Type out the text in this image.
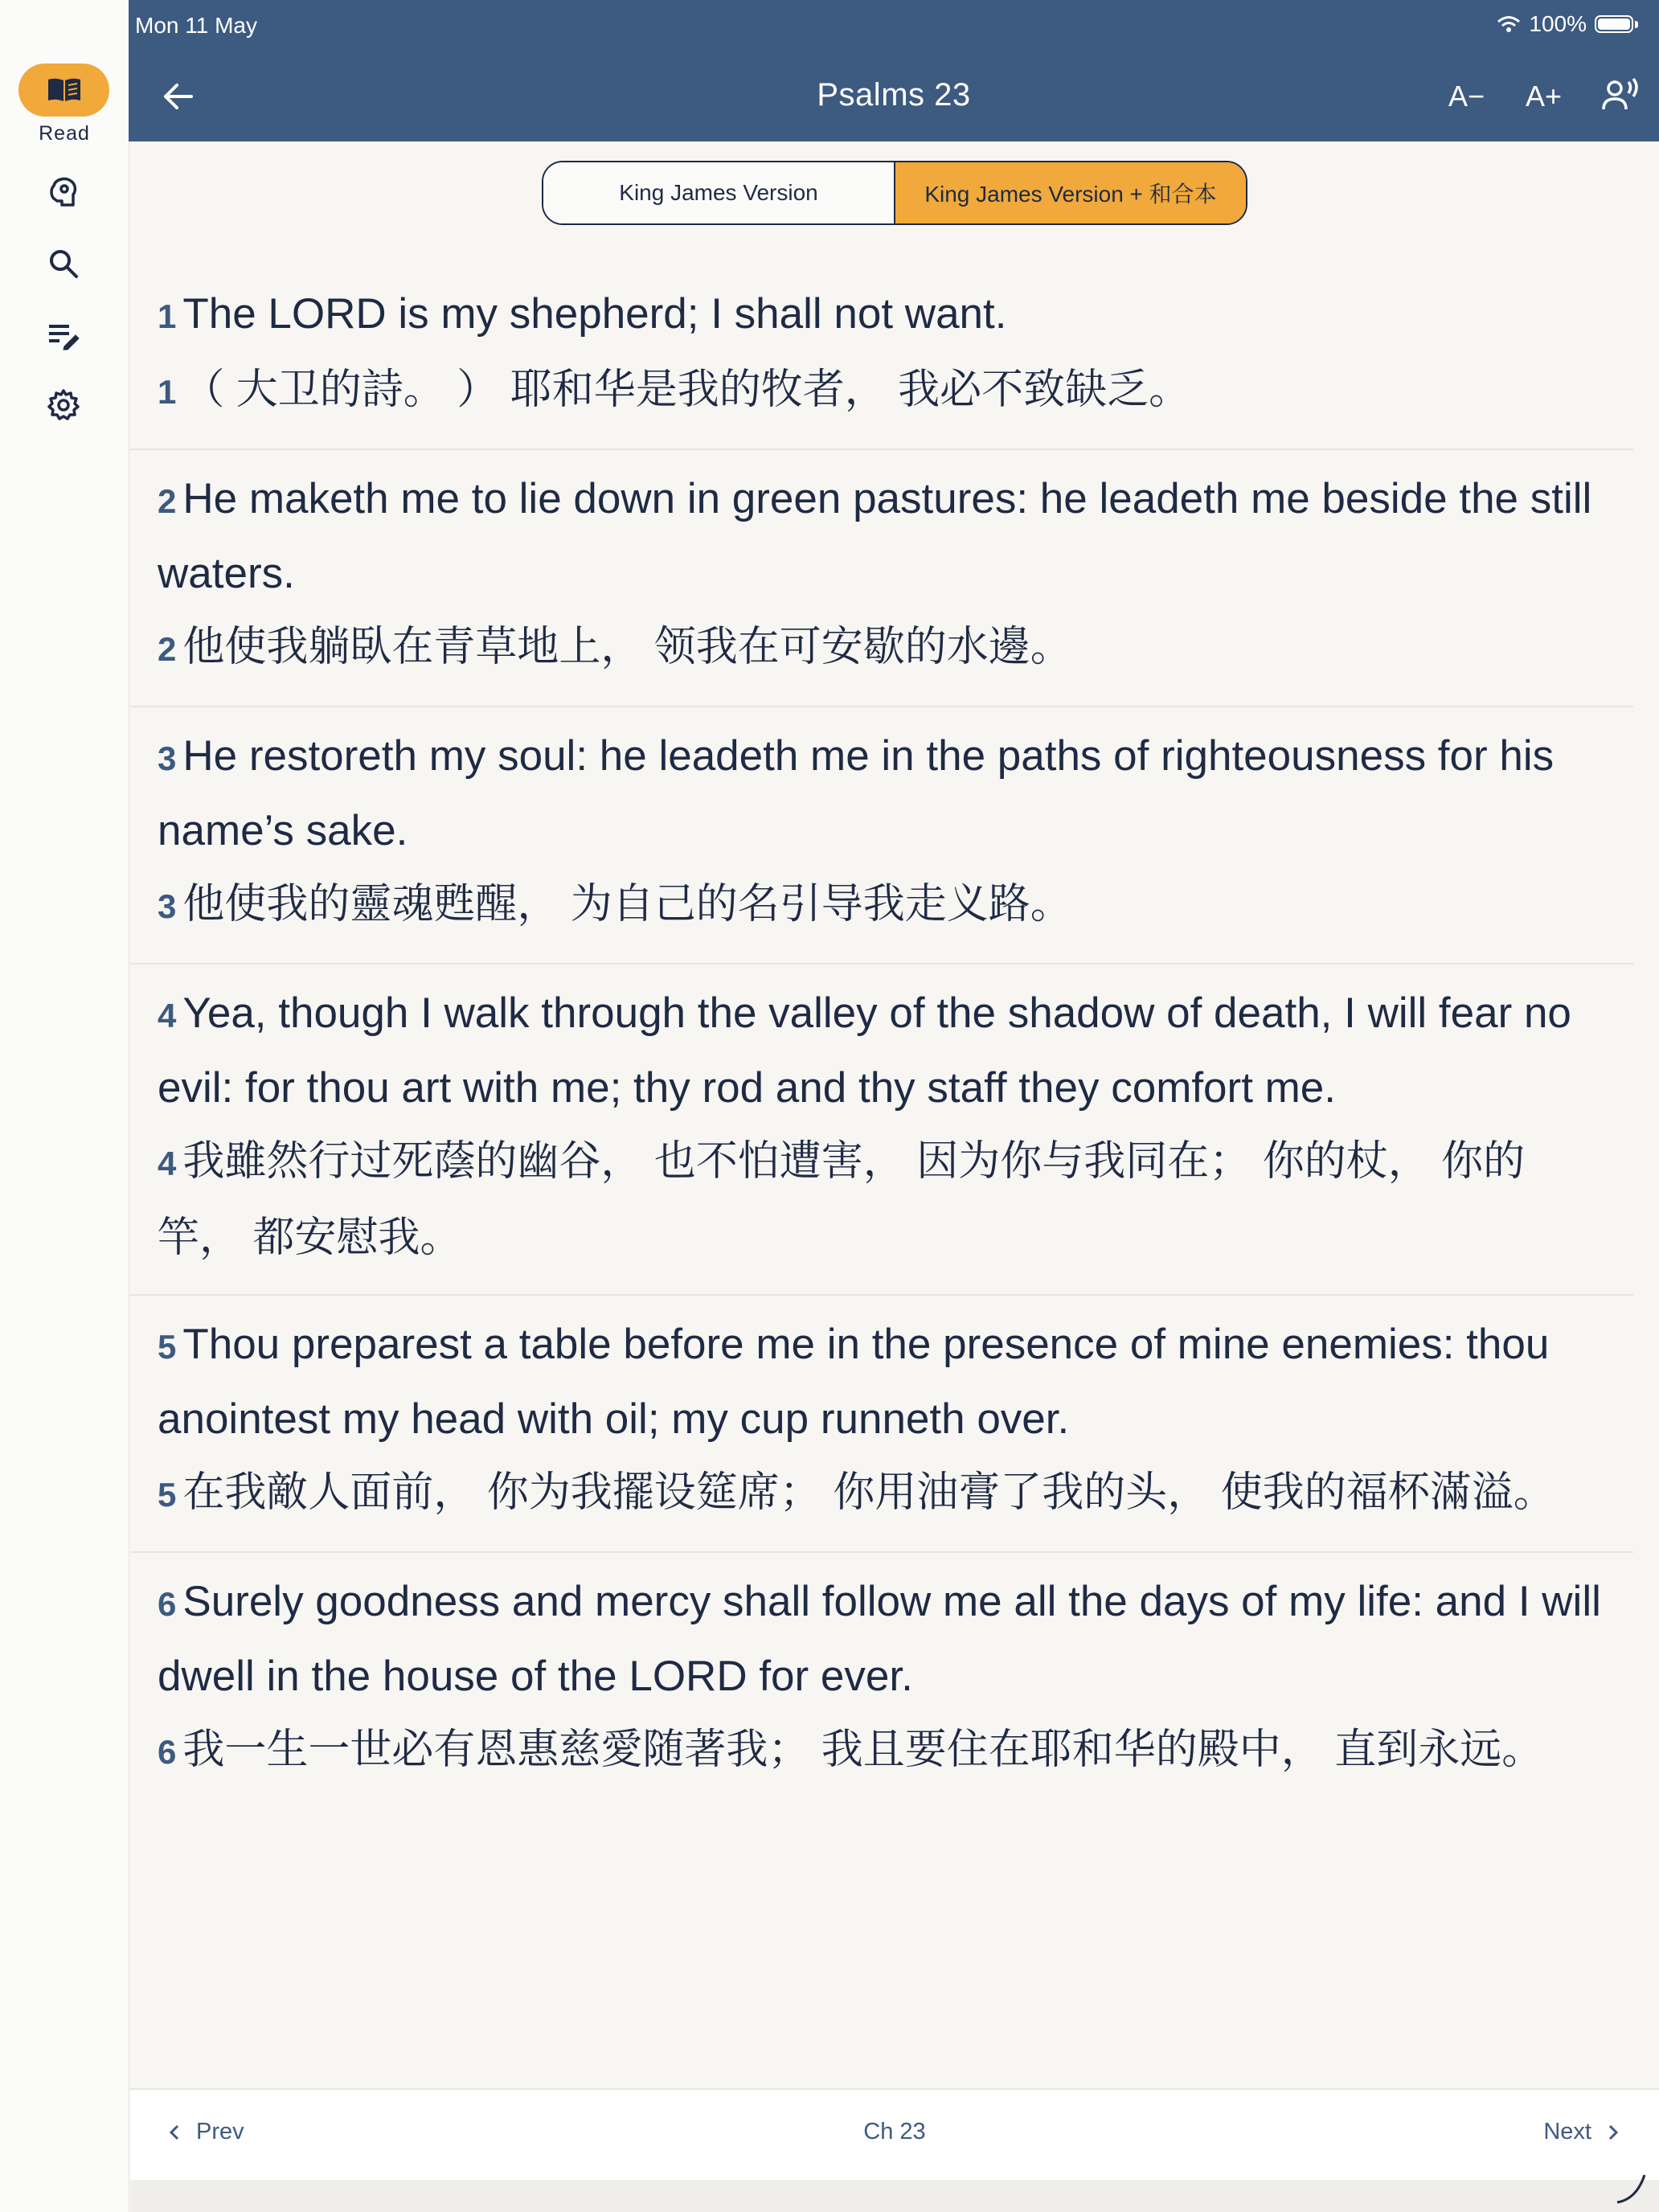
Read
Mon 11 May	100%
Psalms 23	A− A+
King James Version	King James Version + 和合本
1 The LORD is my shepherd; I shall not want.
1 （ 大卫的詩。 ） 耶和华是我的牧者， 我必不致缺乏。
2 He maketh me to lie down in green pastures: he leadeth me beside the still waters.
2 他使我躺臥在青草地上， 领我在可安歇的水邊。
3 He restoreth my soul: he leadeth me in the paths of righteousness for his name’s sake.
3 他使我的靈魂甦醒， 为自己的名引导我走义路。
4 Yea, though I walk through the valley of the shadow of death, I will fear no evil: for thou art with me; thy rod and thy staff they comfort me.
4 我雖然行过死蔭的幽谷， 也不怕遭害， 因为你与我同在； 你的杖， 你的竿， 都安慰我。
5 Thou preparest a table before me in the presence of mine enemies: thou anointest my head with oil; my cup runneth over.
5 在我敵人面前， 你为我擺设筵席； 你用油膏了我的头， 使我的福杯滿溢。
6 Surely goodness and mercy shall follow me all the days of my life: and I will dwell in the house of the LORD for ever.
6 我一生一世必有恩惠慈愛随著我； 我且要住在耶和华的殿中， 直到永远。
Prev	Ch 23	Next
